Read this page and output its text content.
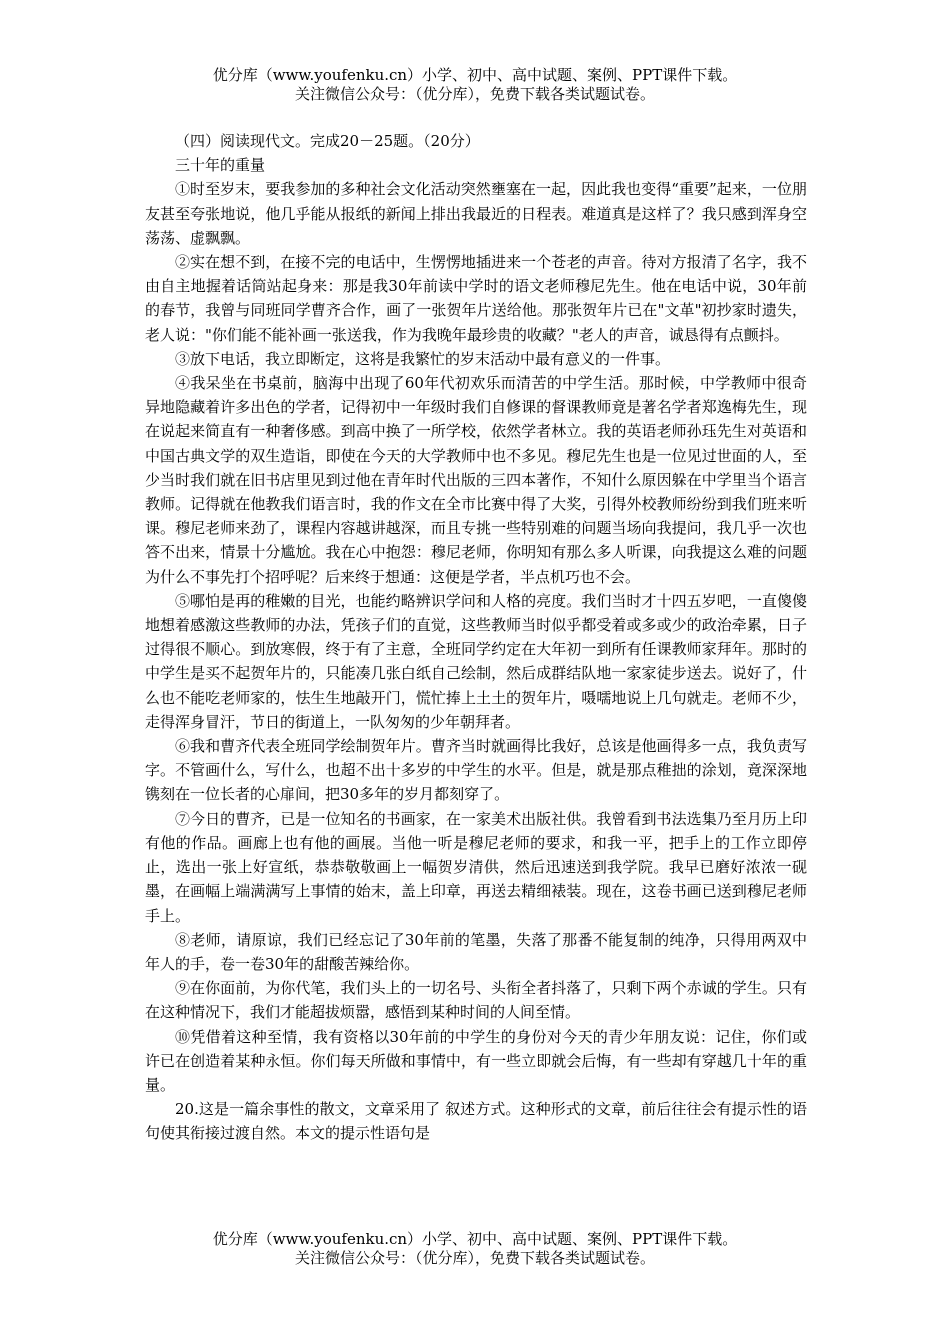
优分库（www.youfenku.cn）小学、初中、高中试题、案例、PPT课件下载。
关注微信公众号：（优分库），免费下载各类试题试卷。

（四）阅读现代文。完成20－25题。（20分）

三十年的重量

①时至岁末，要我参加的多种社会文化活动突然壅塞在一起，因此我也变得“重要”起来，一位朋友甚至夸张地说，他几乎能从报纸的新闻上排出我最近的日程表。难道真是这样了？我只感到浑身空荡荡、虚飘飘。

②实在想不到，在接不完的电话中，生愣愣地插进来一个苍老的声音。待对方报清了名字，我不由自主地握着话筒站起身来：那是我30年前读中学时的语文老师穆尼先生。他在电话中说，30年前的春节，我曾与同班同学曹齐合作，画了一张贺年片送给他。那张贺年片已在"文革"初抄家时遗失，老人说："你们能不能补画一张送我，作为我晚年最珍贵的收藏？"老人的声音，诚恳得有点颤抖。

③放下电话，我立即断定，这将是我繁忙的岁末活动中最有意义的一件事。

④我呆坐在书桌前，脑海中出现了60年代初欢乐而清苦的中学生活。那时候，中学教师中很奇异地隐藏着许多出色的学者，记得初中一年级时我们自修课的督课教师竟是著名学者郑逸梅先生，现在说起来简直有一种奢侈感。到高中换了一所学校，依然学者林立。我的英语老师孙珏先生对英语和中国古典文学的双生造诣，即使在今天的大学教师中也不多见。穆尼先生也是一位见过世面的人，至少当时我们就在旧书店里见到过他在青年时代出版的三四本著作，不知什么原因躲在中学里当个语言教师。记得就在他教我们语言时，我的作文在全市比赛中得了大奖，引得外校教师纷纷到我们班来听课。穆尼老师来劲了，课程内容越讲越深，而且专挑一些特别难的问题当场向我提问，我几乎一次也答不出来，情景十分尴尬。我在心中抱怨：穆尼老师，你明知有那么多人听课，向我提这么难的问题为什么不事先打个招呼呢？后来终于想通：这便是学者，半点机巧也不会。

⑤哪怕是再的稚嫩的目光，也能约略辨识学问和人格的亮度。我们当时才十四五岁吧，一直傻傻地想着感激这些教师的办法，凭孩子们的直觉，这些教师当时似乎都受着或多或少的政治牵累，日子过得很不顺心。到放寒假，终于有了主意，全班同学约定在大年初一到所有任课教师家拜年。那时的中学生是买不起贺年片的，只能凑几张白纸自己绘制，然后成群结队地一家家徒步送去。说好了，什么也不能吃老师家的，怯生生地敲开门，慌忙捧上土土的贺年片，嗫嚅地说上几句就走。老师不少，走得浑身冒汗，节日的街道上，一队匆匆的少年朝拜者。

⑥我和曹齐代表全班同学绘制贺年片。曹齐当时就画得比我好，总该是他画得多一点，我负责写字。不管画什么，写什么，也超不出十多岁的中学生的水平。但是，就是那点稚拙的涂划，竟深深地镌刻在一位长者的心扉间，把30多年的岁月都刻穿了。

⑦今日的曹齐，已是一位知名的书画家，在一家美术出版社供。我曾看到书法选集乃至月历上印有他的作品。画廊上也有他的画展。当他一听是穆尼老师的要求，和我一平，把手上的工作立即停止，选出一张上好宣纸，恭恭敬敬画上一幅贺岁清供，然后迅速送到我学院。我早已磨好浓浓一砚墨，在画幅上端满满写上事情的始末，盖上印章，再送去精细裱装。现在，这卷书画已送到穆尼老师手上。

⑧老师，请原谅，我们已经忘记了30年前的笔墨，失落了那番不能复制的纯净，只得用两双中年人的手，卷一卷30年的甜酸苦辣给你。

⑨在你面前，为你代笔，我们头上的一切名号、头衔全者抖落了，只剩下两个赤诚的学生。只有在这种情况下，我们才能超拔烦嚣，感悟到某种时间的人间至情。

⑩凭借着这种至情，我有资格以30年前的中学生的身份对今天的青少年朋友说：记住，你们或许已在创造着某种永恒。你们每天所做和事情中，有一些立即就会后悔，有一些却有穿越几十年的重量。

20.这是一篇余事性的散文，文章采用了 叙述方式。这种形式的文章，前后往往会有提示性的语句使其衔接过渡自然。本文的提示性语句是

优分库（www.youfenku.cn）小学、初中、高中试题、案例、PPT课件下载。
关注微信公众号：（优分库），免费下载各类试题试卷。
